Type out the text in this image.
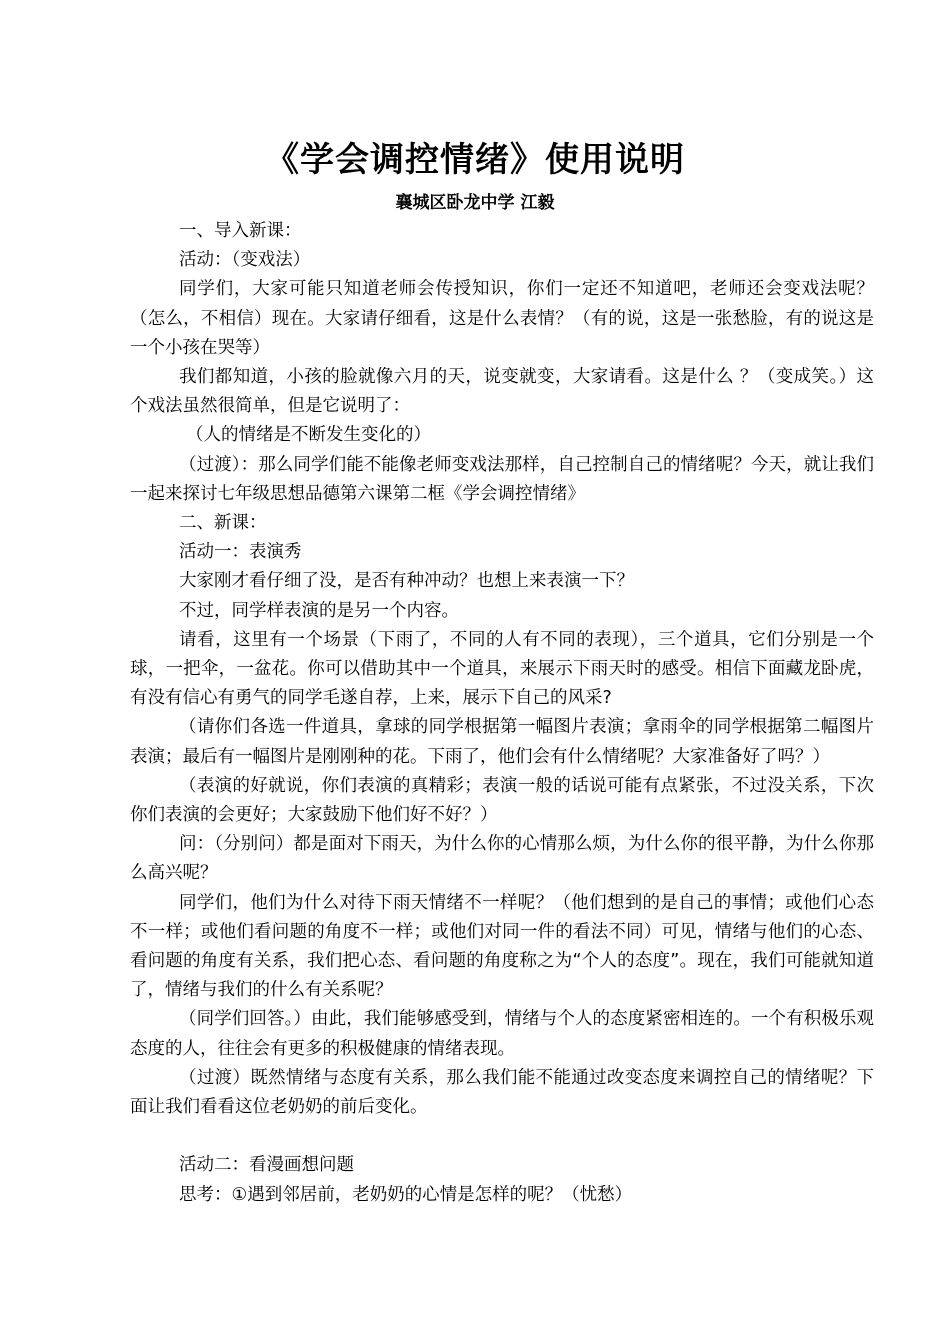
《学会调控情绪》使用说明
襄城区卧龙中学 江毅

一、导入新课：

活动：（变戏法）

同学们，大家可能只知道老师会传授知识，你们一定还不知道吧，老师还会变戏法呢？（怎么，不相信）现在。大家请仔细看，这是什么表情？（有的说，这是一张愁脸，有的说这是一个小孩在哭等）

我们都知道，小孩的脸就像六月的天，说变就变，大家请看。这是什么 ？（变成笑。）这个戏法虽然很简单，但是它说明了：

（人的情绪是不断发生变化的）

（过渡）：那么同学们能不能像老师变戏法那样，自己控制自己的情绪呢？今天，就让我们一起来探讨七年级思想品德第六课第二框《学会调控情绪》

二、新课：

活动一：表演秀

大家刚才看仔细了没，是否有种冲动？也想上来表演一下？

不过，同学样表演的是另一个内容。

请看，这里有一个场景（下雨了，不同的人有不同的表现），三个道具，它们分别是一个球，一把伞，一盆花。你可以借助其中一个道具，来展示下雨天时的感受。相信下面藏龙卧虎，有没有信心有勇气的同学毛遂自荐，上来，展示下自己的风采?

（请你们各选一件道具，拿球的同学根据第一幅图片表演；拿雨伞的同学根据第二幅图片表演；最后有一幅图片是刚刚种的花。下雨了，他们会有什么情绪呢？大家准备好了吗？）

（表演的好就说，你们表演的真精彩；表演一般的话说可能有点紧张，不过没关系，下次你们表演的会更好；大家鼓励下他们好不好？）

问：（分别问）都是面对下雨天，为什么你的心情那么烦，为什么你的很平静，为什么你那么高兴呢？

同学们，他们为什么对待下雨天情绪不一样呢？（他们想到的是自己的事情；或他们心态不一样；或他们看问题的角度不一样；或他们对同一件的看法不同）可见，情绪与他们的心态、看问题的角度有关系，我们把心态、看问题的角度称之为“个人的态度”。现在，我们可能就知道了，情绪与我们的什么有关系呢？

（同学们回答。）由此，我们能够感受到，情绪与个人的态度紧密相连的。一个有积极乐观态度的人，往往会有更多的积极健康的情绪表现。

（过渡）既然情绪与态度有关系，那么我们能不能通过改变态度来调控自己的情绪呢？下面让我们看看这位老奶奶的前后变化。

活动二：看漫画想问题

思考：①遇到邻居前，老奶奶的心情是怎样的呢？（忧愁）
